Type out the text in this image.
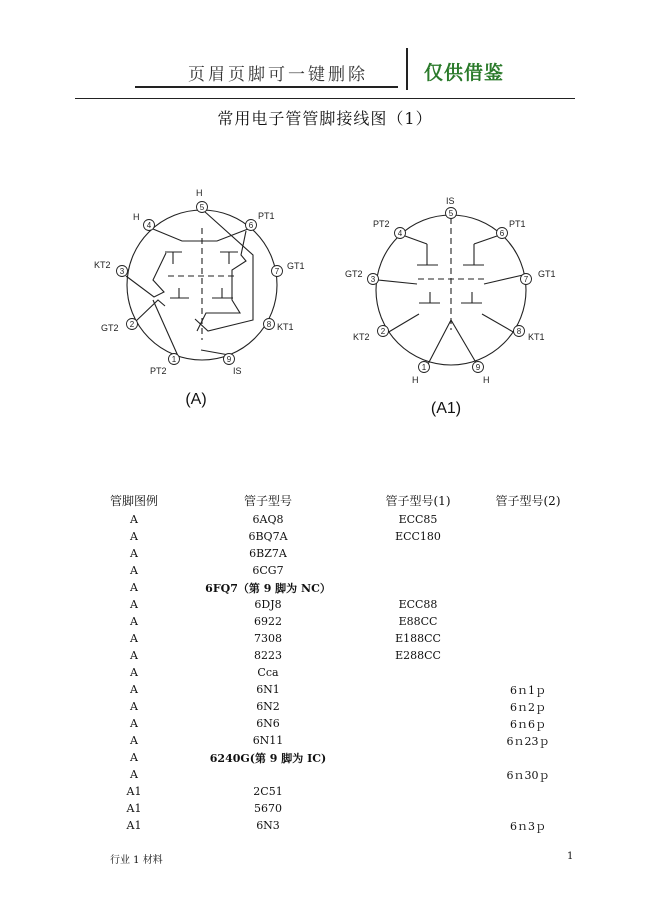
页眉页脚可一键删除	仅供借鉴
常用电子管管脚接线图（1）
1
2
3
4
5
6
7
8
9
PT2
GT2
KT2
H
H
PT1
GT1
KT1
IS
(A)
1
2
3
4
5
6
7
8
9
H
KT2
GT2
PT2
IS
PT1
GT1
KT1
H
(A1)
管脚图例	管子型号	管子型号(1)	管子型号(2)
A	6AQ8	ECC85	
A	6BQ7A	ECC180	
A	6BZ7A		
A	6CG7		
A	6FQ7（第 9 脚为 NC）		
A	6DJ8	ECC88	
A	6922	E88CC	
A	7308	E188CC	
A	8223	E288CC	
A	Cca		
A	6N1		6ｎ1ｐ
A	6N2		6ｎ2ｐ
A	6N6		6ｎ6ｐ
A	6N11		6ｎ23ｐ
A	6240G(第 9 脚为 IC)		
A			6ｎ30ｐ
A1	2C51		
A1	5670		
A1	6N3		6ｎ3ｐ
行业 1 材料	1
